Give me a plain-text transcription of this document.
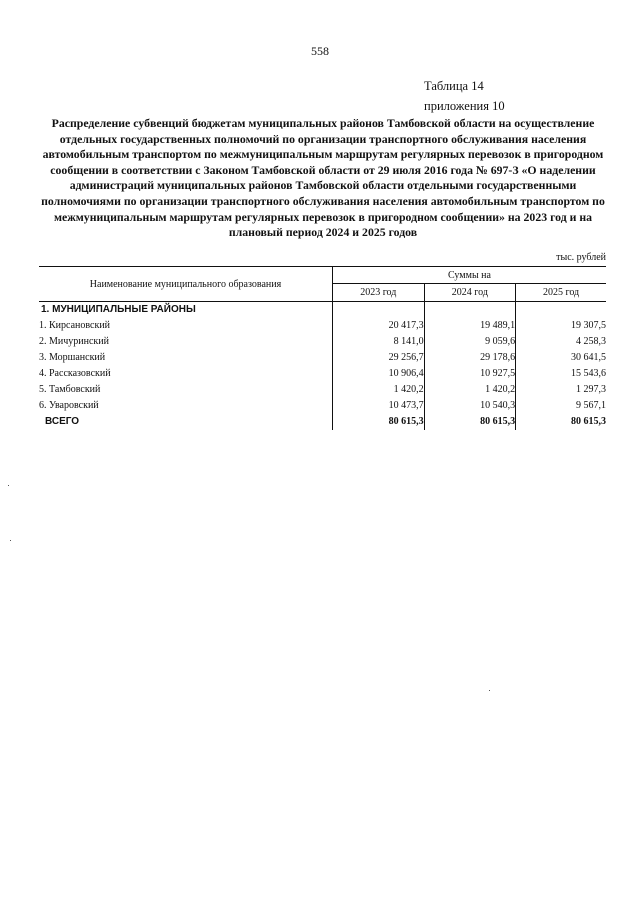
558
Таблица 14
приложения 10
Распределение субвенций бюджетам муниципальных районов Тамбовской области на осуществление отдельных государственных полномочий по организации транспортного обслуживания населения автомобильным транспортом по межмуниципальным маршрутам регулярных перевозок в пригородном сообщении в соответствии с Законом Тамбовской области от 29 июля 2016 года № 697-З «О наделении администраций муниципальных районов Тамбовской области отдельными государственными полномочиями по организации транспортного обслуживания населения автомобильным транспортом по межмуниципальным маршрутам регулярных перевозок в пригородном сообщении» на 2023 год и на плановый период 2024 и 2025 годов
тыс. рублей
Наименование муниципального образования	Суммы на		
	2023 год	2024 год	2025 год
1. МУНИЦИПАЛЬНЫЕ РАЙОНЫ			
1. Кирсановский	20 417,3	19 489,1	19 307,5
2. Мичуринский	8 141,0	9 059,6	4 258,3
3. Моршанский	29 256,7	29 178,6	30 641,5
4. Рассказовский	10 906,4	10 927,5	15 543,6
5. Тамбовский	1 420,2	1 420,2	1 297,3
6. Уваровский	10 473,7	10 540,3	9 567,1
ВСЕГО	80 615,3	80 615,3	80 615,3
